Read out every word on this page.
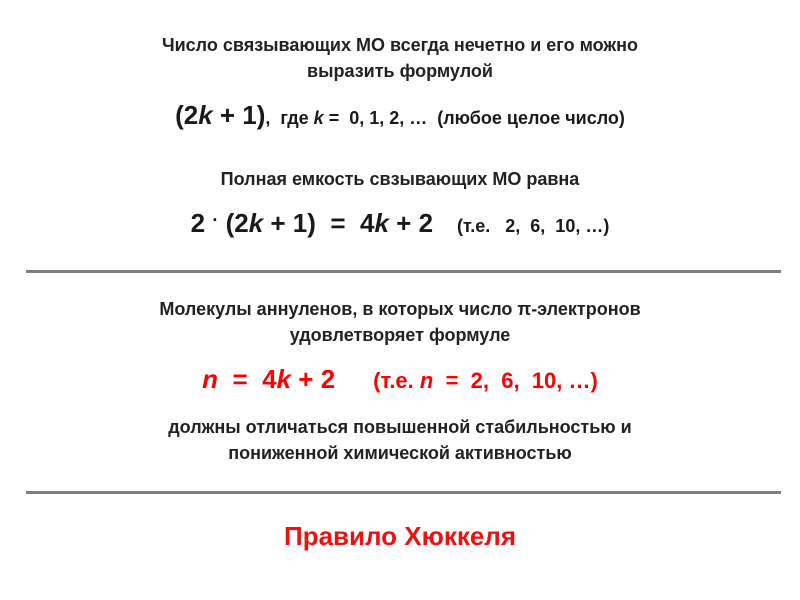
Число связывающих МО всегда нечетно и его можно
выразить формулой
(2k + 1),  где k =  0, 1, 2, …  (любое целое число)
Полная емкость свзывающих МО равна
2 · (2k + 1)  =  4k + 2 (т.е.   2,  6,  10, …)
Молекулы аннуленов, в которых число π-электронов
удовлетворяет формуле
n  =  4k + 2 (т.е. n  =  2,  6,  10, …)
должны отличаться повышенной стабильностью и
пониженной химической активностью
Правило Хюккеля
